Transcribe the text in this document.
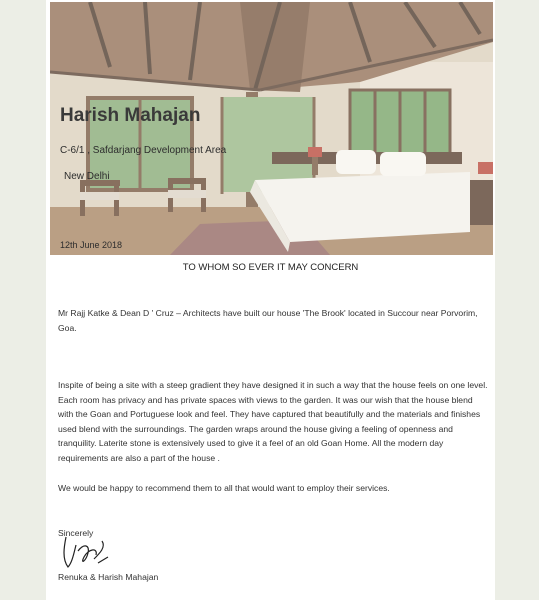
Harish Mahajan
C-6/1 , Safdarjang Development Area
New Delhi
12th June 2018
TO WHOM SO EVER IT MAY CONCERN

Mr Rajj Katke & Dean D ' Cruz – Architects have built our house 'The Brook' located in Succour near Porvorim, Goa.

Inspite of being a site with a steep gradient they have designed it in such a way that the house feels on one level. Each room has privacy and has private spaces with views to the garden. It was our wish that the house blend with the Goan and Portuguese look and feel. They have captured that beautifully and the materials and finishes used blend with the surroundings. The garden wraps around the house giving a feeling of openness and tranquility. Laterite stone is extensively used to give it a feel of an old Goan Home. All the modern day requirements are also a part of the house .

We would be happy to recommend them to all that would want to employ their services.

Sincerely
Renuka & Harish Mahajan
